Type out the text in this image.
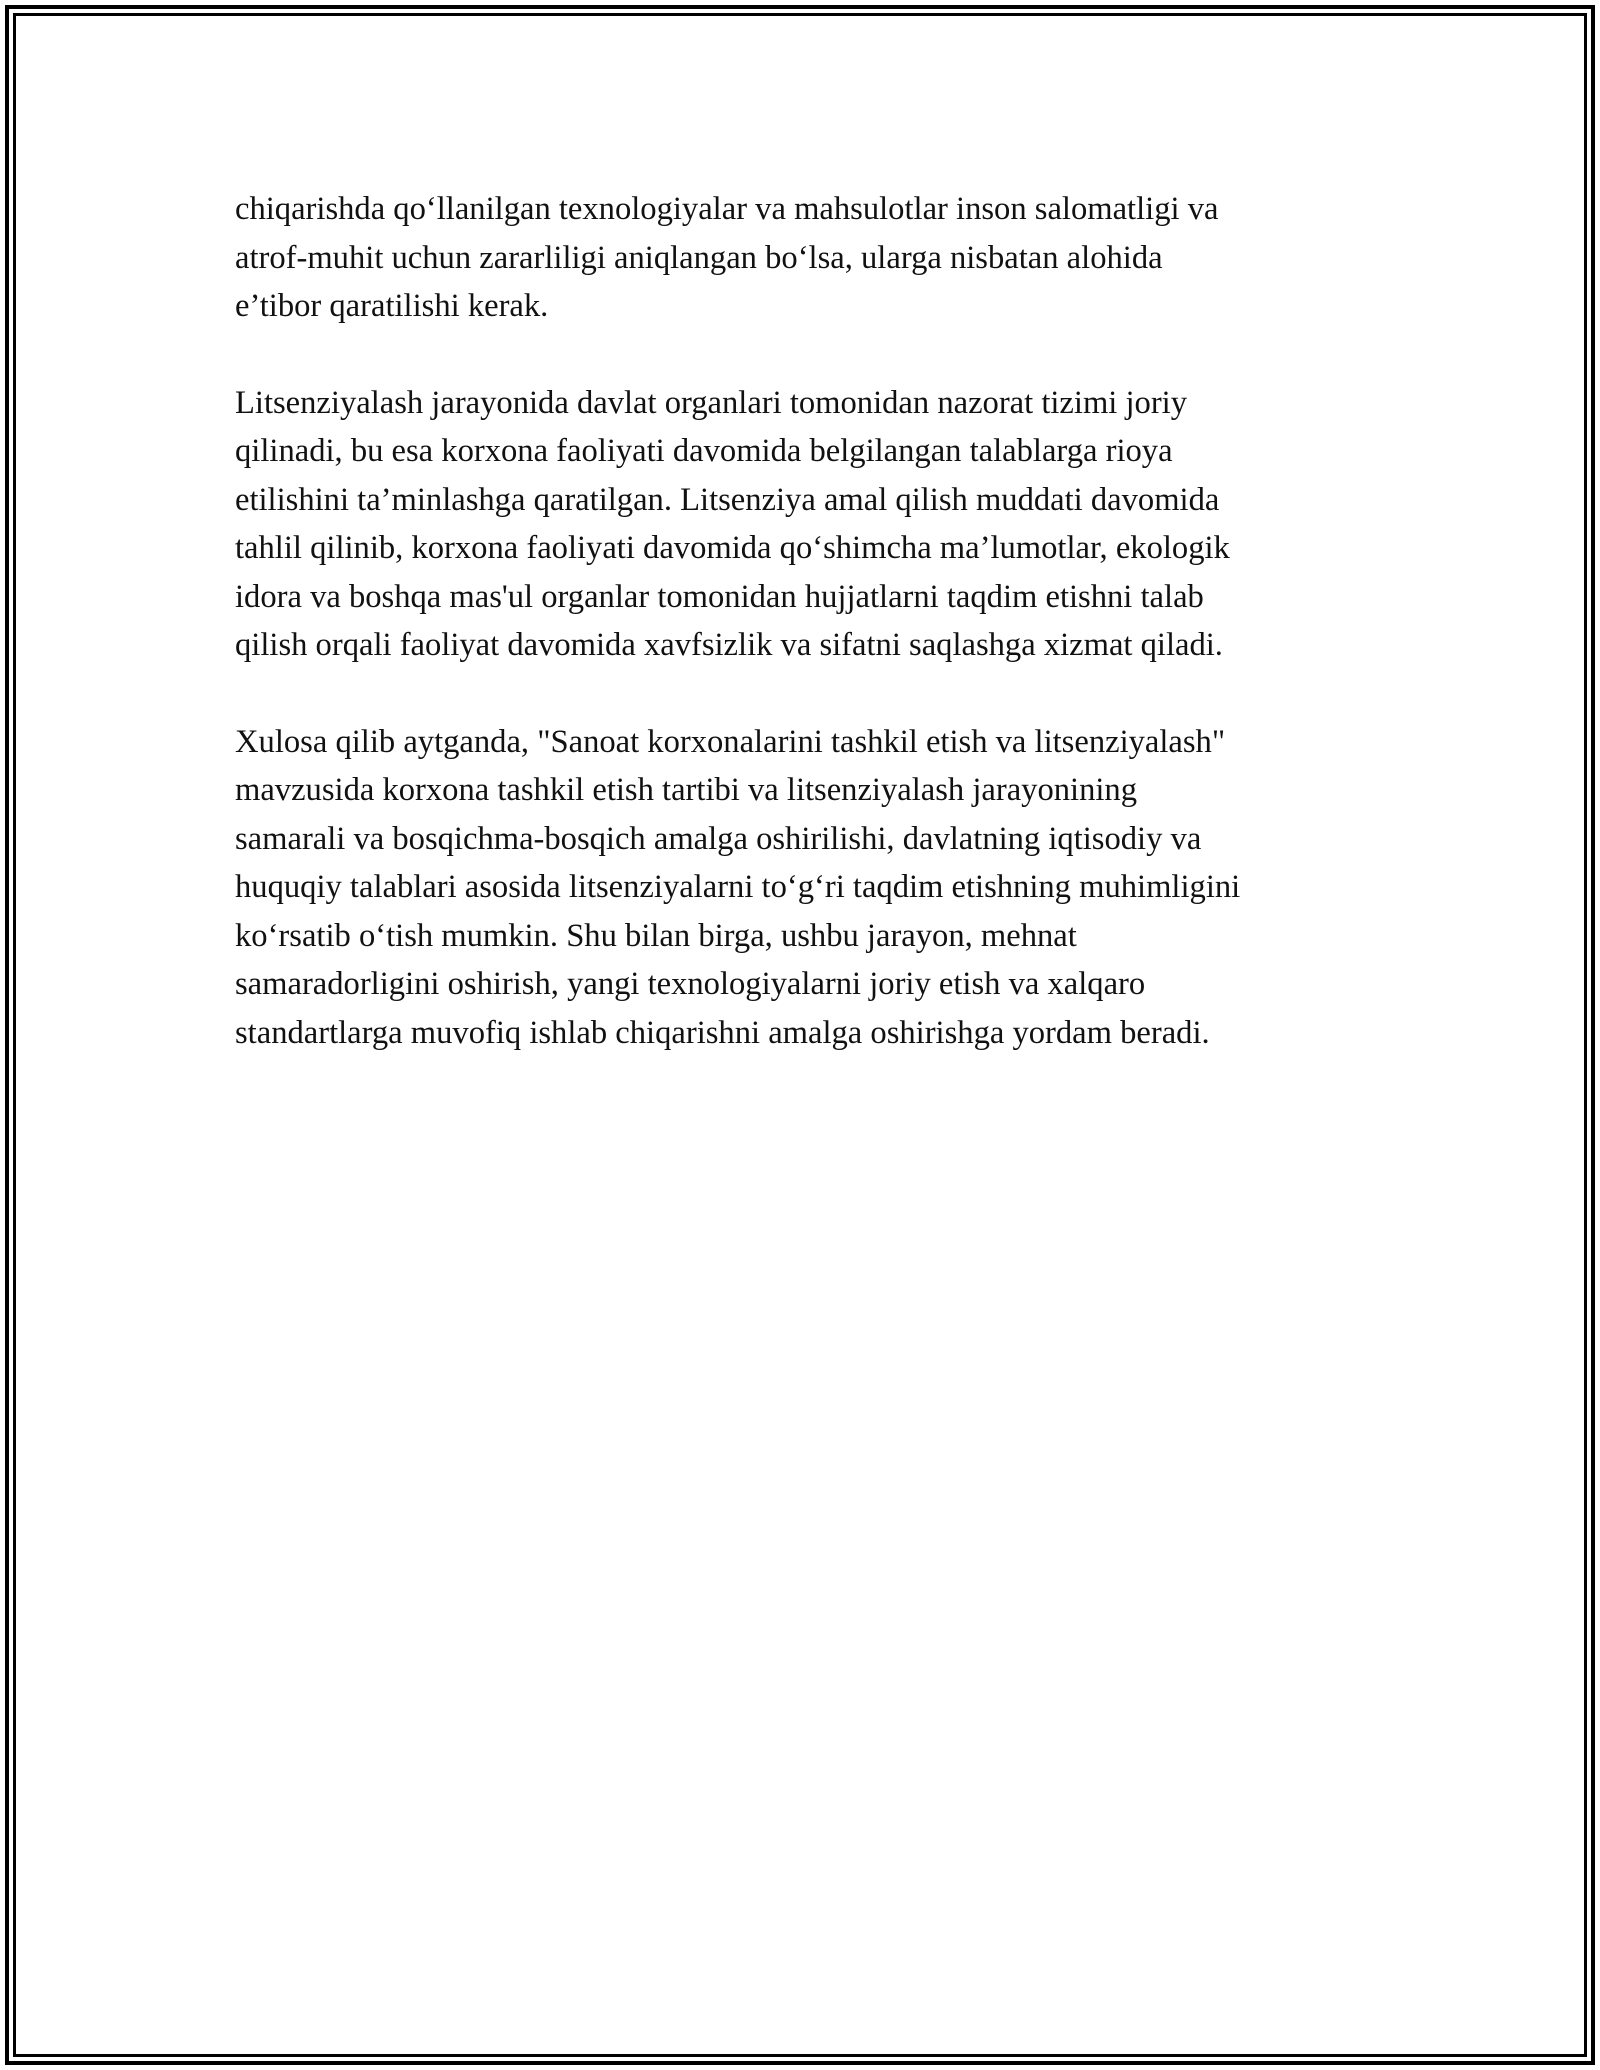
chiqarishda qo‘llanilgan texnologiyalar va mahsulotlar inson salomatligi va
atrof-muhit uchun zararliligi aniqlangan bo‘lsa, ularga nisbatan alohida
e’tibor qaratilishi kerak.

Litsenziyalash jarayonida davlat organlari tomonidan nazorat tizimi joriy
qilinadi, bu esa korxona faoliyati davomida belgilangan talablarga rioya
etilishini ta’minlashga qaratilgan. Litsenziya amal qilish muddati davomida
tahlil qilinib, korxona faoliyati davomida qo‘shimcha ma’lumotlar, ekologik
idora va boshqa mas'ul organlar tomonidan hujjatlarni taqdim etishni talab
qilish orqali faoliyat davomida xavfsizlik va sifatni saqlashga xizmat qiladi.

Xulosa qilib aytganda, "Sanoat korxonalarini tashkil etish va litsenziyalash"
mavzusida korxona tashkil etish tartibi va litsenziyalash jarayonining
samarali va bosqichma-bosqich amalga oshirilishi, davlatning iqtisodiy va
huquqiy talablari asosida litsenziyalarni to‘g‘ri taqdim etishning muhimligini
ko‘rsatib o‘tish mumkin. Shu bilan birga, ushbu jarayon, mehnat
samaradorligini oshirish, yangi texnologiyalarni joriy etish va xalqaro
standartlarga muvofiq ishlab chiqarishni amalga oshirishga yordam beradi.
